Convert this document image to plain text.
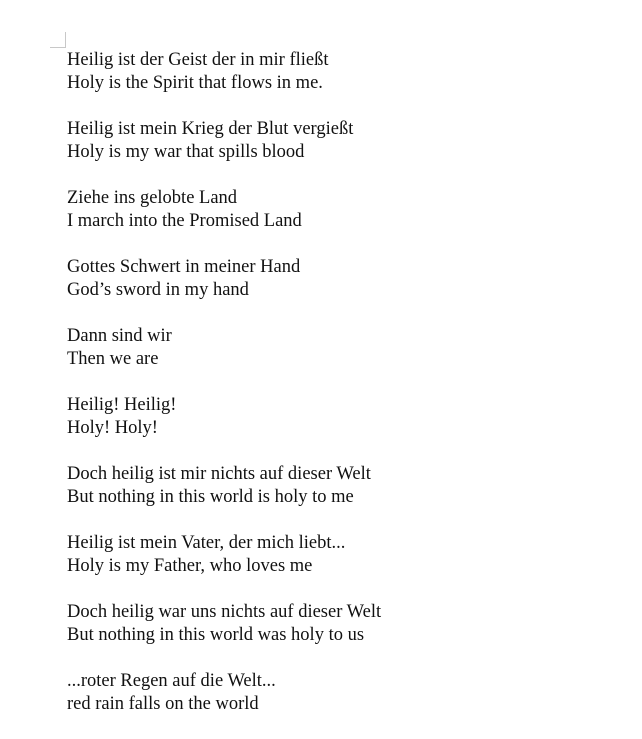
Heilig ist der Geist der in mir fließt
Holy is the Spirit that flows in me.
Heilig ist mein Krieg der Blut vergießt
Holy is my war that spills blood
Ziehe ins gelobte Land
I march into the Promised Land
Gottes Schwert in meiner Hand
God’s sword in my hand
Dann sind wir
Then we are
Heilig! Heilig!
Holy! Holy!
Doch heilig ist mir nichts auf dieser Welt
But nothing in this world is holy to me
Heilig ist mein Vater, der mich liebt...
Holy is my Father, who loves me
Doch heilig war uns nichts auf dieser Welt
But nothing in this world was holy to us
...roter Regen auf die Welt...
red rain falls on the world
